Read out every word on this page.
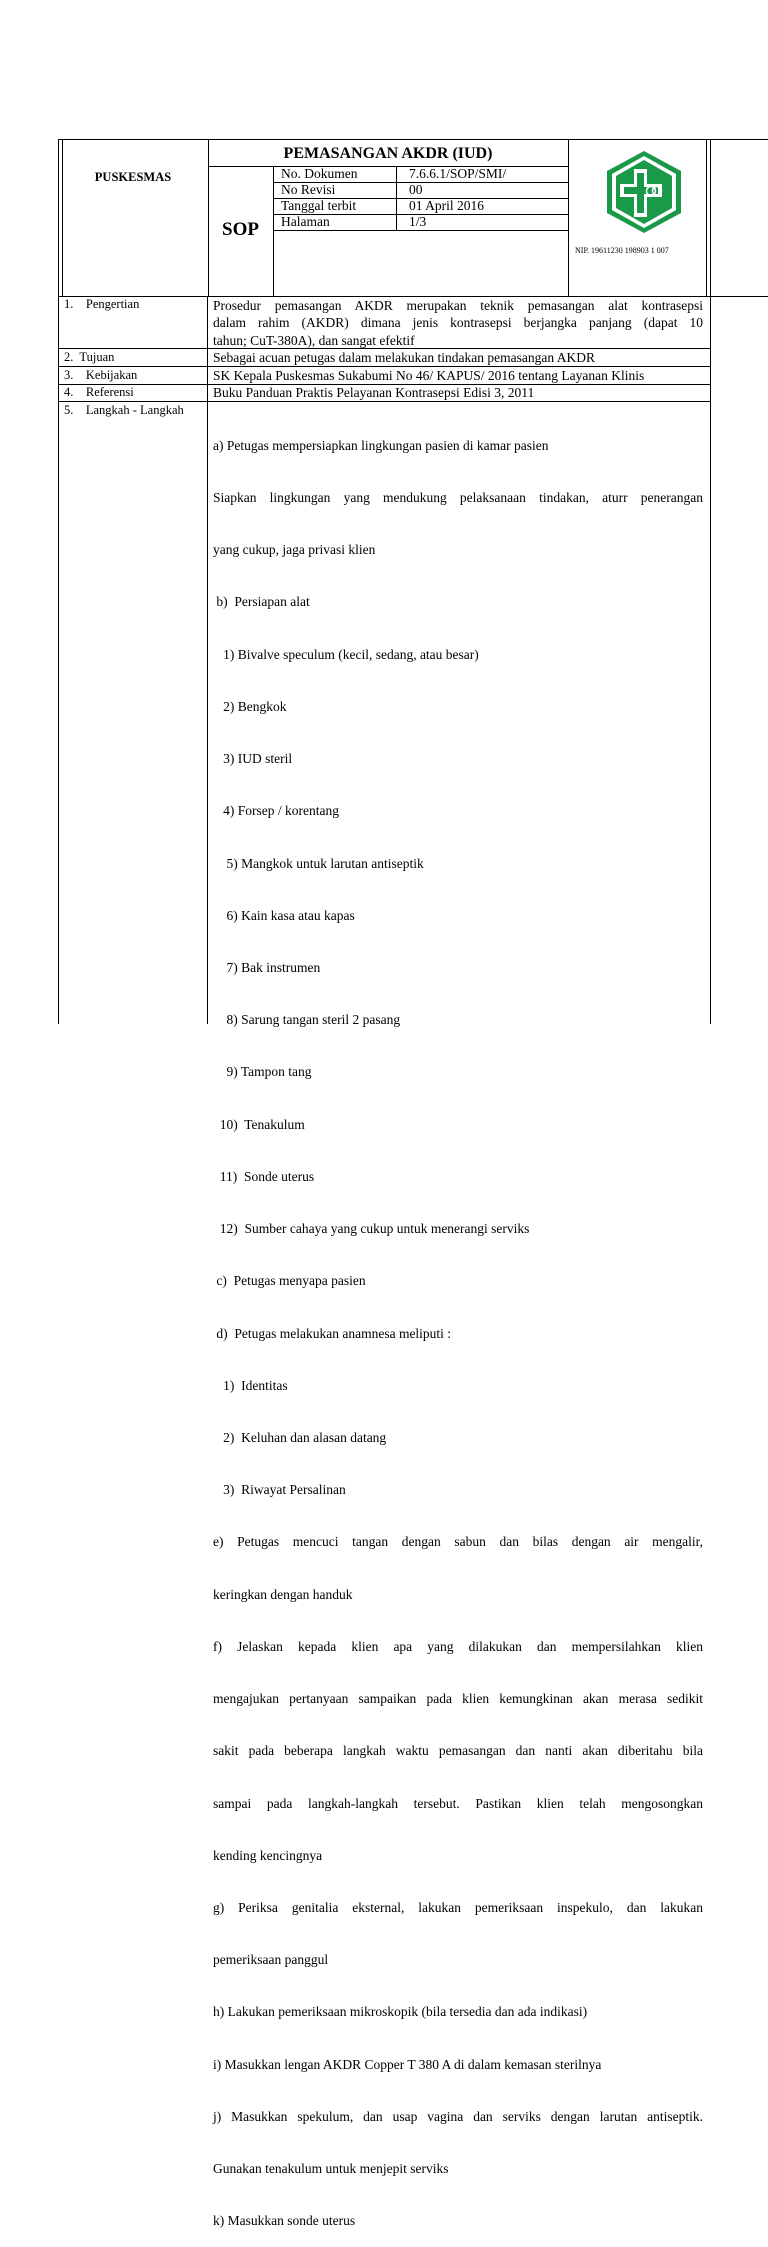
PUSKESMAS
PEMASANGAN AKDR (IUD)
SOP
No. Dokumen	7.6.6.1/SOP/SMI/
No Revisi	00
Tanggal terbit	01 April 2016
Halaman	1/3
NIP. 19611230 198903 1 007
1.    Pengertian	Prosedur pemasangan AKDR merupakan teknik pemasangan alat kontrasepsi
dalam rahim (AKDR) dimana jenis kontrasepsi berjangka panjang (dapat 10
tahun; CuT-380A), dan sangat efektif
2.  Tujuan	Sebagai acuan petugas dalam melakukan tindakan pemasangan AKDR
3.    Kebijakan	SK Kepala Puskesmas Sukabumi No 46/ KAPUS/ 2016 tentang Layanan Klinis
4.    Referensi	Buku Panduan Praktis Pelayanan Kontrasepsi Edisi 3, 2011
5.    Langkah - Langkah

a) Petugas mempersiapkan lingkungan pasien di kamar pasien

Siapkan lingkungan yang mendukung pelaksanaan tindakan, aturr penerangan

yang cukup, jaga privasi klien

b)  Persiapan alat

1) Bivalve speculum (kecil, sedang, atau besar)

2) Bengkok

3) IUD steril

4) Forsep / korentang

5) Mangkok untuk larutan antiseptik

6) Kain kasa atau kapas

7) Bak instrumen

8) Sarung tangan steril 2 pasang

9) Tampon tang

10)  Tenakulum

11)  Sonde uterus

12)  Sumber cahaya yang cukup untuk menerangi serviks

c)  Petugas menyapa pasien

d)  Petugas melakukan anamnesa meliputi :

1)  Identitas

2)  Keluhan dan alasan datang

3)  Riwayat Persalinan

e) Petugas mencuci tangan dengan sabun dan bilas dengan air mengalir,

keringkan dengan handuk

f) Jelaskan kepada klien apa yang dilakukan dan mempersilahkan klien

mengajukan pertanyaan sampaikan pada klien kemungkinan akan merasa sedikit

sakit pada beberapa langkah waktu pemasangan dan nanti akan diberitahu bila

sampai pada langkah-langkah tersebut. Pastikan klien telah mengosongkan

kending kencingnya

g) Periksa genitalia eksternal, lakukan pemeriksaan inspekulo, dan lakukan

pemeriksaan panggul

h) Lakukan pemeriksaan mikroskopik (bila tersedia dan ada indikasi)

i) Masukkan lengan AKDR Copper T 380 A di dalam kemasan sterilnya

j) Masukkan spekulum, dan usap vagina dan serviks dengan larutan antiseptik.

Gunakan tenakulum untuk menjepit serviks

k) Masukkan sonde uterus
